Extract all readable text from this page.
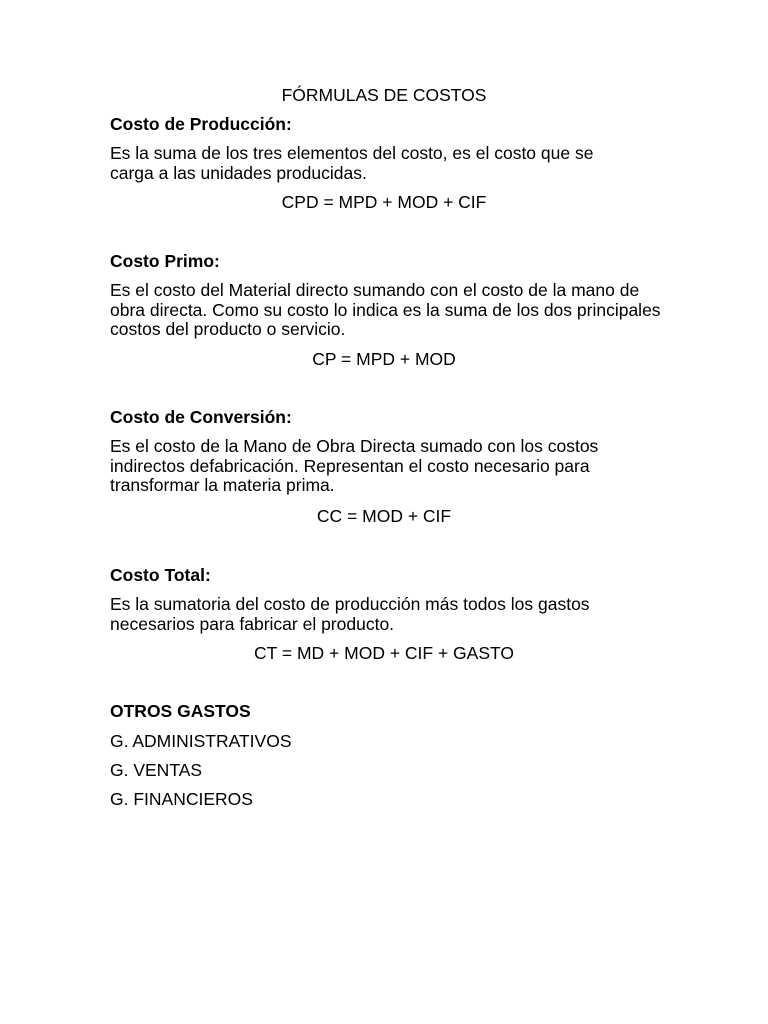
FÓRMULAS DE COSTOS

Costo de Producción:

Es la suma de los tres elementos del costo, es el costo que se carga a las unidades producidas.

CPD = MPD + MOD + CIF

Costo Primo:

Es el costo del Material directo sumando con el costo de la mano de obra directa. Como su costo lo indica es la suma de los dos principales costos del producto o servicio.

CP = MPD + MOD

Costo de Conversión:

Es el costo de la Mano de Obra Directa sumado con los costos indirectos defabricación. Representan el costo necesario para transformar la materia prima.

CC = MOD + CIF

Costo Total:

Es la sumatoria del costo de producción más todos los gastos necesarios para fabricar el producto.

CT = MD + MOD + CIF + GASTO

OTROS GASTOS

G. ADMINISTRATIVOS
G. VENTAS
G. FINANCIEROS
